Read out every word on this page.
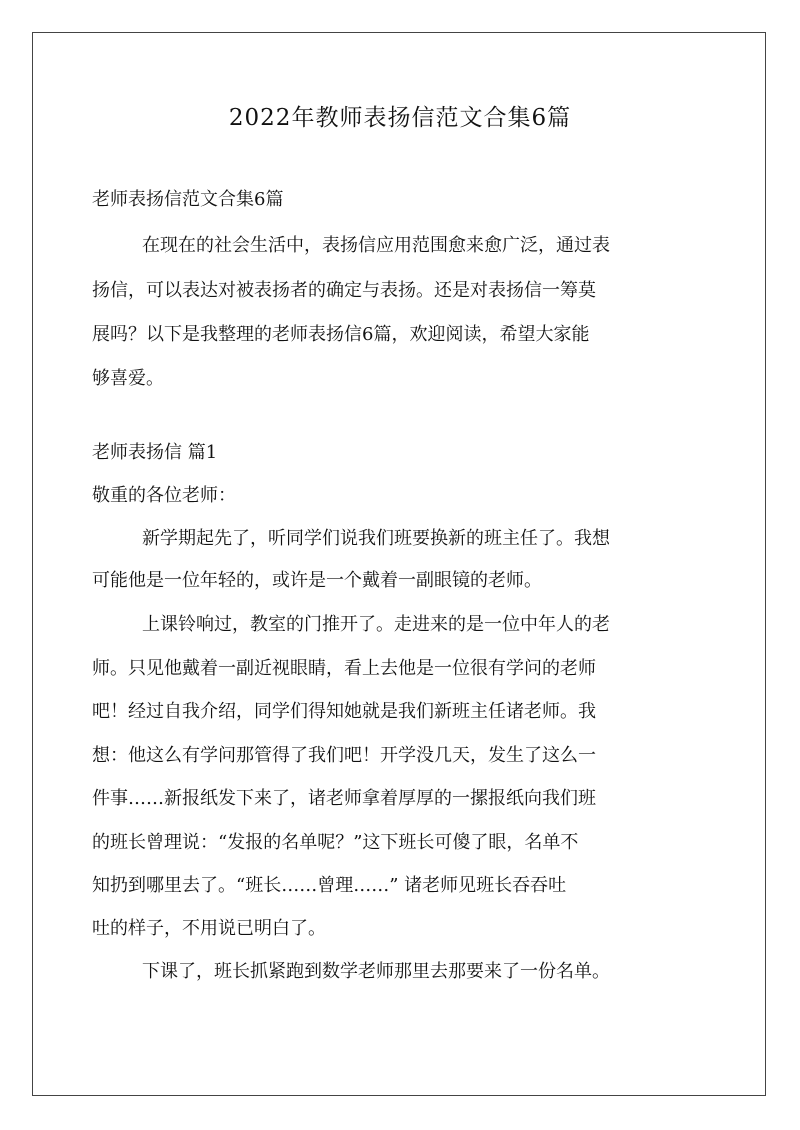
2022年教师表扬信范文合集6篇

老师表扬信范文合集6篇

在现在的社会生活中，表扬信应用范围愈来愈广泛，通过表

扬信，可以表达对被表扬者的确定与表扬。还是对表扬信一筹莫

展吗？以下是我整理的老师表扬信6篇，欢迎阅读，希望大家能

够喜爱。

老师表扬信 篇1

敬重的各位老师：

新学期起先了，听同学们说我们班要换新的班主任了。我想

可能他是一位年轻的，或许是一个戴着一副眼镜的老师。

上课铃响过，教室的门推开了。走进来的是一位中年人的老

师。只见他戴着一副近视眼睛，看上去他是一位很有学问的老师

吧！经过自我介绍，同学们得知她就是我们新班主任诸老师。我

想：他这么有学问那管得了我们吧！开学没几天，发生了这么一

件事……新报纸发下来了，诸老师拿着厚厚的一摞报纸向我们班

的班长曾理说：“发报的名单呢？”这下班长可傻了眼，名单不

知扔到哪里去了。“班长……曾理……” 诸老师见班长吞吞吐

吐的样子，不用说已明白了。

下课了，班长抓紧跑到数学老师那里去那要来了一份名单。
